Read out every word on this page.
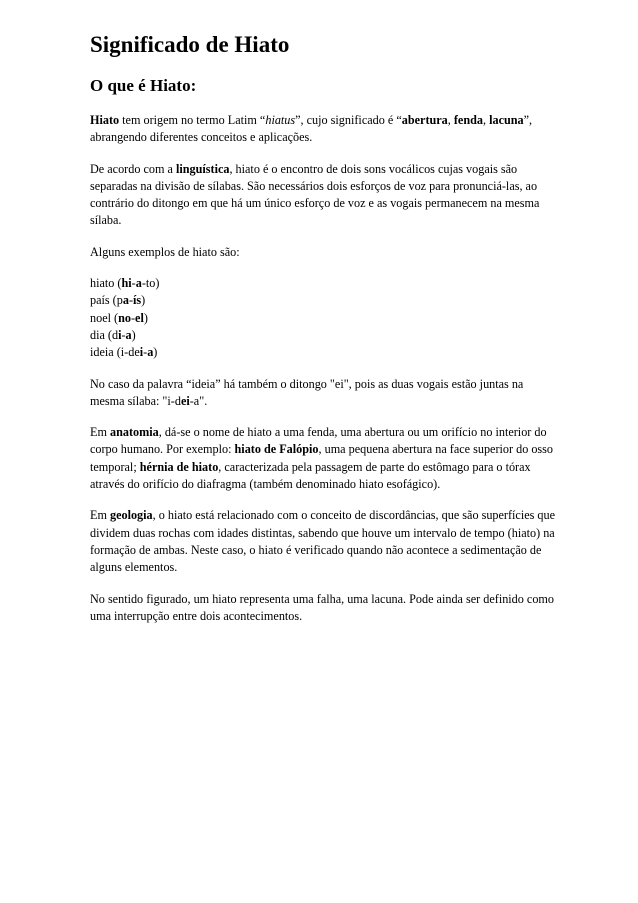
Significado de Hiato
O que é Hiato:

Hiato tem origem no termo Latim “hiatus”, cujo significado é “abertura, fenda, lacuna”, abrangendo diferentes conceitos e aplicações.

De acordo com a linguística, hiato é o encontro de dois sons vocálicos cujas vogais são separadas na divisão de sílabas. São necessários dois esforços de voz para pronunciá-las, ao contrário do ditongo em que há um único esforço de voz e as vogais permanecem na mesma sílaba.

Alguns exemplos de hiato são:

hiato (hi-a-to)

país (pa-ís)

noel (no-el)

dia (di-a)

ideia (i-dei-a)

No caso da palavra “ideia” há também o ditongo "ei", pois as duas vogais estão juntas na mesma sílaba: "i-dei-a".

Em anatomia, dá-se o nome de hiato a uma fenda, uma abertura ou um orifício no interior do corpo humano. Por exemplo: hiato de Falópio, uma pequena abertura na face superior do osso temporal; hérnia de hiato, caracterizada pela passagem de parte do estômago para o tórax através do orifício do diafragma (também denominado hiato esofágico).

Em geologia, o hiato está relacionado com o conceito de discordâncias, que são superfícies que dividem duas rochas com idades distintas, sabendo que houve um intervalo de tempo (hiato) na formação de ambas. Neste caso, o hiato é verificado quando não acontece a sedimentação de alguns elementos.

No sentido figurado, um hiato representa uma falha, uma lacuna. Pode ainda ser definido como uma interrupção entre dois acontecimentos.
